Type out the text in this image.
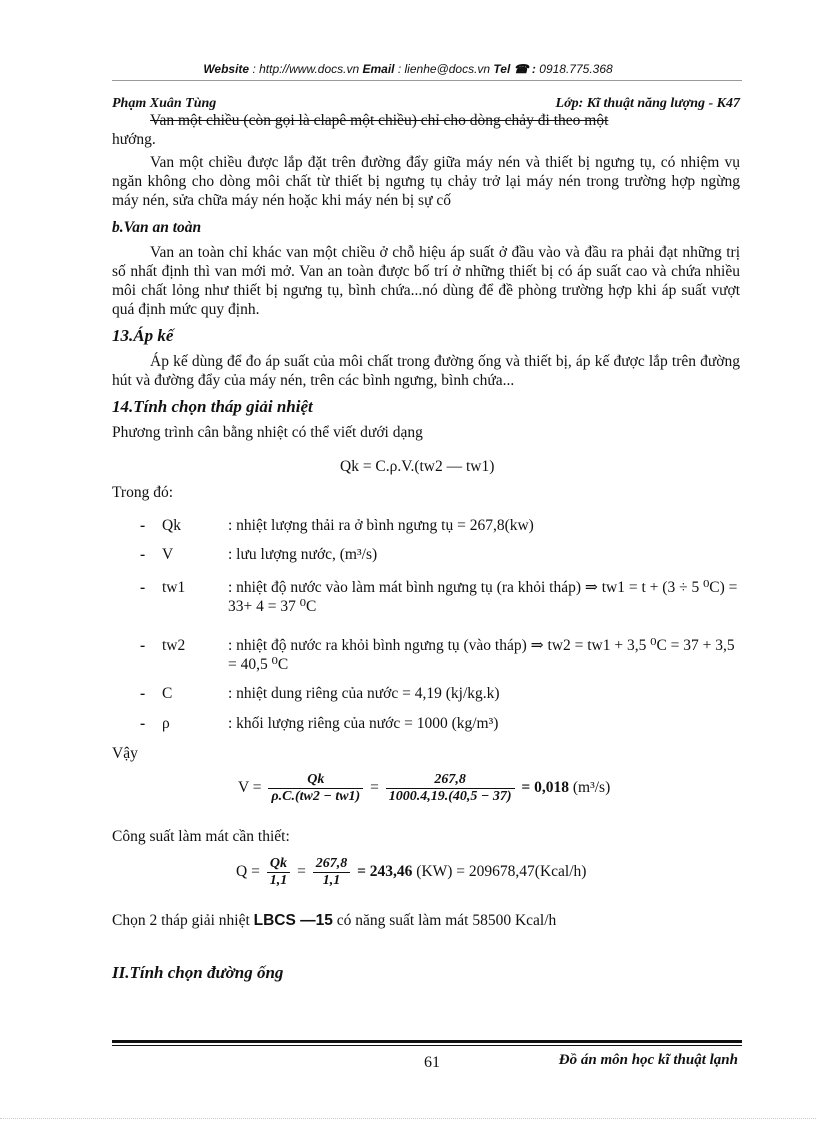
Website : http://www.docs.vn Email : lienhe@docs.vn Tel ☎ : 0918.775.368
Phạm Xuân Tùng	Lớp: Kĩ thuật năng lượng - K47
Van một chiều (còn gọi là clapê một chiều) chỉ cho dòng chảy đi theo một
hướng.
Van một chiều được lắp đặt trên đường đẩy giữa máy nén và thiết bị ngưng tụ, có nhiệm vụ ngăn không cho dòng môi chất từ thiết bị ngưng tụ chảy trở lại máy nén trong trường hợp ngừng máy nén, sửa chữa máy nén hoặc khi máy nén bị sự cố
b.Van an toàn
Van an toàn chỉ khác van một chiều ở chỗ hiệu áp suất ở đầu vào và đầu ra phải đạt những trị số nhất định thì van mới mở. Van an toàn được bố trí ở những thiết bị có áp suất cao và chứa nhiều môi chất lỏng như thiết bị ngưng tụ, bình chứa...nó dùng để đề phòng trường hợp khi áp suất vượt quá định mức quy định.
13.Áp kế
Áp kế dùng để đo áp suất của môi chất trong đường ống và thiết bị, áp kế được lắp trên đường hút và đường đẩy của máy nén, trên các bình ngưng, bình chứa...
14.Tính chọn tháp giải nhiệt
Phương trình cân bằng nhiệt có thể viết dưới dạng
Qk = C.ρ.V.(tw2 — tw1)
Trong đó:
- Qk	: nhiệt lượng thải ra ở bình ngưng tụ = 267,8(kw)
- V	: lưu lượng nước, (m³/s)
- tw1	: nhiệt độ nước vào làm mát bình ngưng tụ (ra khỏi tháp) ⇒ tw1 = t + (3 ÷ 5 ⁰C) = 33+ 4 = 37 ⁰C
- tw2	: nhiệt độ nước ra khỏi bình ngưng tụ (vào tháp) ⇒ tw2 = tw1 + 3,5 ⁰C = 37 + 3,5 = 40,5 ⁰C
- C	: nhiệt dung riêng của nước = 4,19 (kj/kg.k)
- ρ	: khối lượng riêng của nước = 1000 (kg/m³)
Vậy
$V = \frac{Qk}{\rho.C.(tw2 - tw1)} = \frac{267,8}{1000.4,19.(40,5 - 37)} = 0,018$ (m³/s)
Công suất làm mát cần thiết:
$Q = \frac{Qk}{1,1} = \frac{267,8}{1,1} = 243,46$ (KW) = 209678,47(Kcal/h)
Chọn 2 tháp giải nhiệt LBCS —15 có năng suất làm mát 58500 Kcal/h
II.Tính chọn đường ống
61	Đồ án môn học kĩ thuật lạnh
